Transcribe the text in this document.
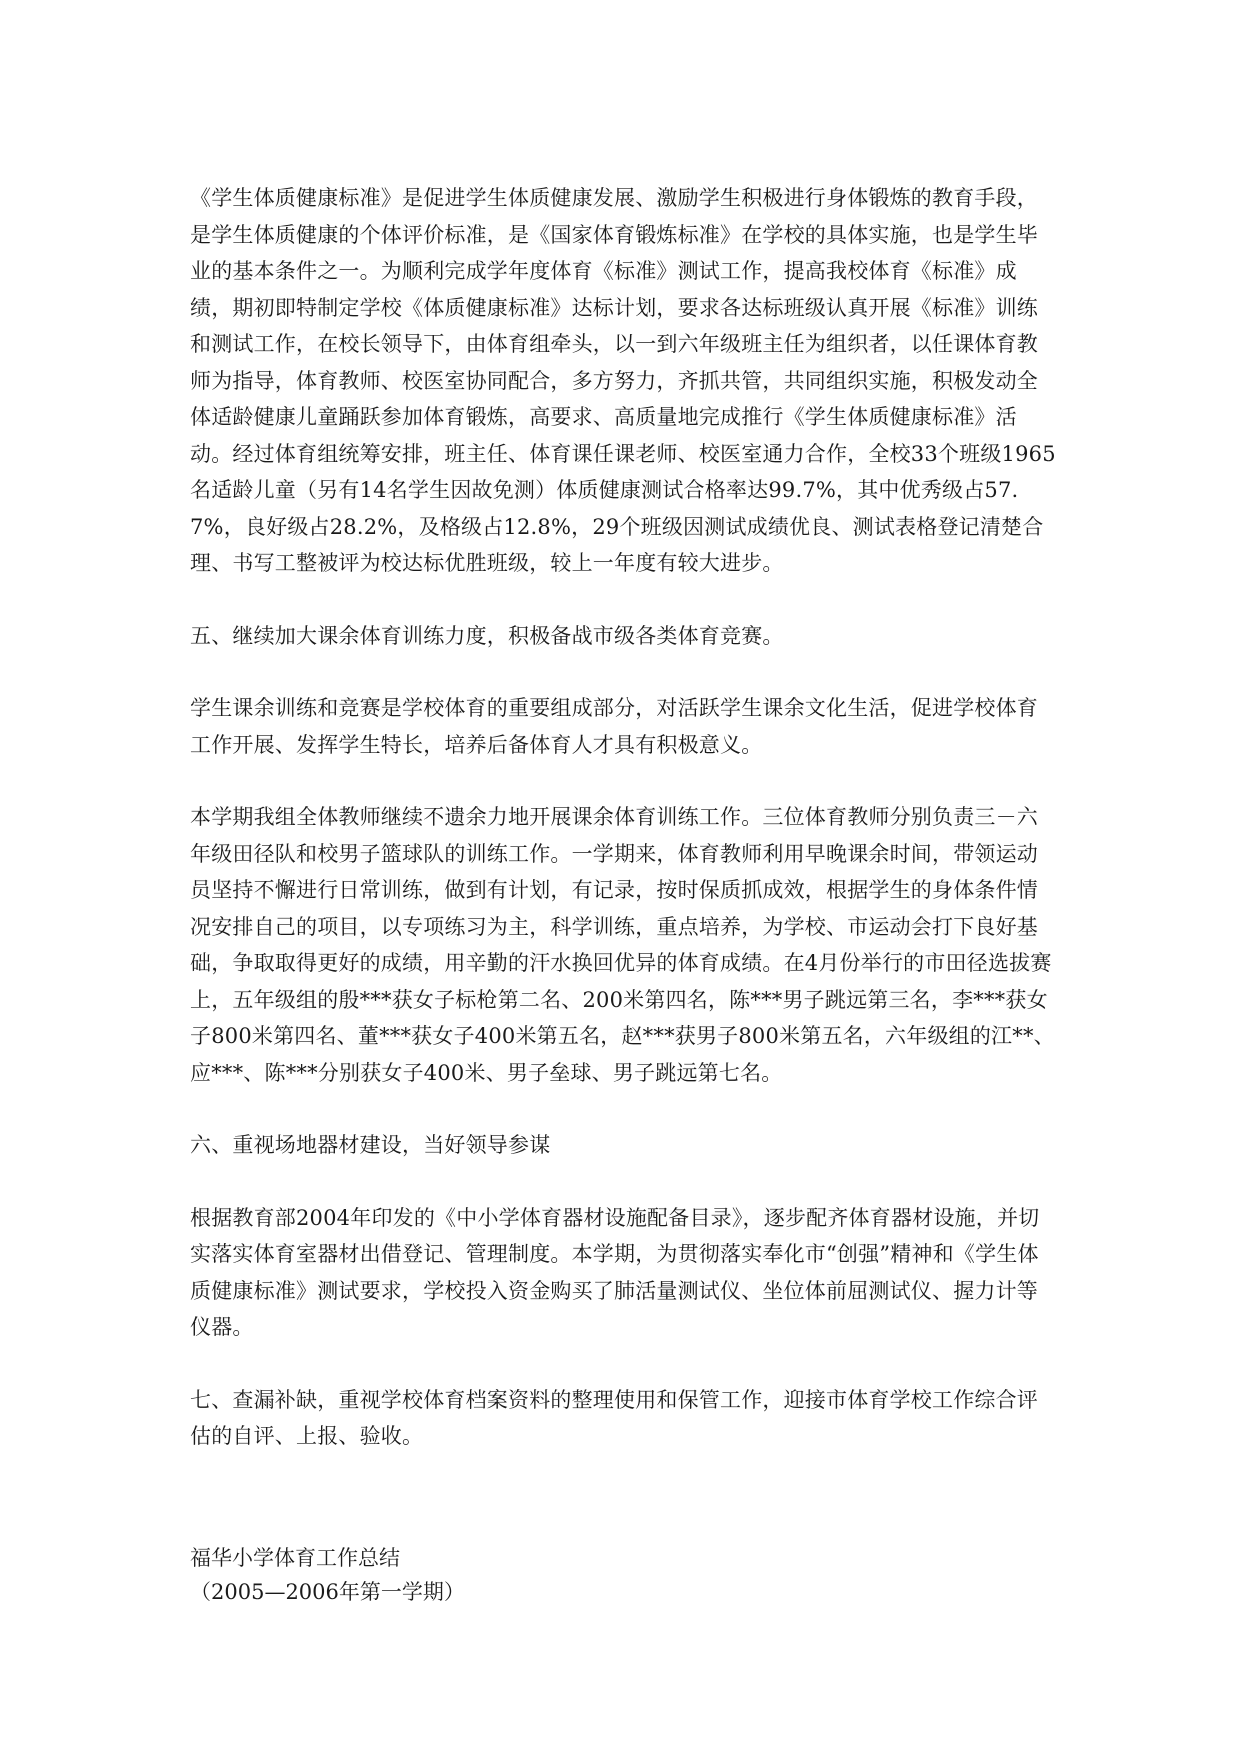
《学生体质健康标准》是促进学生体质健康发展、激励学生积极进行身体锻炼的教育手段，是学生体质健康的个体评价标准，是《国家体育锻炼标准》在学校的具体实施，也是学生毕业的基本条件之一。为顺利完成学年度体育《标准》测试工作，提高我校体育《标准》成绩，期初即特制定学校《体质健康标准》达标计划，要求各达标班级认真开展《标准》训练和测试工作，在校长领导下，由体育组牵头，以一到六年级班主任为组织者，以任课体育教师为指导，体育教师、校医室协同配合，多方努力，齐抓共管，共同组织实施，积极发动全体适龄健康儿童踊跃参加体育锻炼，高要求、高质量地完成推行《学生体质健康标准》活动。经过体育组统筹安排，班主任、体育课任课老师、校医室通力合作，全校33个班级1965名适龄儿童（另有14名学生因故免测）体质健康测试合格率达99.7%，其中优秀级占57.7%，良好级占28.2%，及格级占12.8%，29个班级因测试成绩优良、测试表格登记清楚合理、书写工整被评为校达标优胜班级，较上一年度有较大进步。

五、继续加大课余体育训练力度，积极备战市级各类体育竞赛。

学生课余训练和竞赛是学校体育的重要组成部分，对活跃学生课余文化生活，促进学校体育工作开展、发挥学生特长，培养后备体育人才具有积极意义。

本学期我组全体教师继续不遗余力地开展课余体育训练工作。三位体育教师分别负责三－六年级田径队和校男子篮球队的训练工作。一学期来，体育教师利用早晚课余时间，带领运动员坚持不懈进行日常训练，做到有计划，有记录，按时保质抓成效，根据学生的身体条件情况安排自己的项目，以专项练习为主，科学训练，重点培养，为学校、市运动会打下良好基础，争取取得更好的成绩，用辛勤的汗水换回优异的体育成绩。在4月份举行的市田径选拔赛上，五年级组的殷***获女子标枪第二名、200米第四名，陈***男子跳远第三名，李***获女子800米第四名、董***获女子400米第五名，赵***获男子800米第五名，六年级组的江**、应***、陈***分别获女子400米、男子垒球、男子跳远第七名。

六、重视场地器材建设，当好领导参谋

根据教育部2004年印发的《中小学体育器材设施配备目录》，逐步配齐体育器材设施，并切实落实体育室器材出借登记、管理制度。本学期，为贯彻落实奉化市“创强”精神和《学生体质健康标准》测试要求，学校投入资金购买了肺活量测试仪、坐位体前屈测试仪、握力计等仪器。

七、查漏补缺，重视学校体育档案资料的整理使用和保管工作，迎接市体育学校工作综合评估的自评、上报、验收。

福华小学体育工作总结
（2005—2006年第一学期）
